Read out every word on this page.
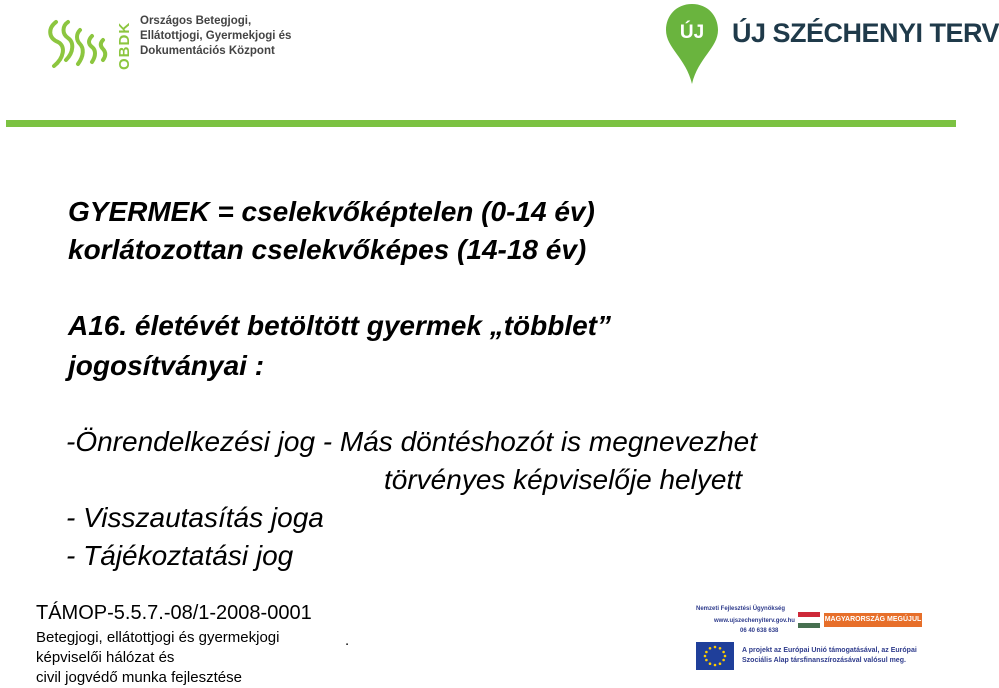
OBDK
Országos Betegjogi,
Ellátottjogi, Gyermekjogi és
Dokumentációs Központ
ÚJ ÚJ SZÉCHENYI TERV
GYERMEK = cselekvőképtelen (0-14 év)
korlátozottan cselekvőképes (14-18 év)
A16. életévét betöltött gyermek „többlet”
jogosítványai :
-Önrendelkezési jog - Más döntéshozót is megnevezhet
törvényes képviselője helyett
- Visszautasítás joga
- Tájékoztatási jog
TÁMOP-5.5.7.-08/1-2008-0001
Betegjogi, ellátottjogi és gyermekjogi
képviselői hálózat és
civil jogvédő munka fejlesztése
.
Nemzeti Fejlesztési Ügynökség
www.ujszechenyiterv.gov.hu
06 40 638 638
MAGYARORSZÁG MEGÚJUL
A projekt az Európai Unió támogatásával, az Európai
Szociális Alap társfinanszírozásával valósul meg.
